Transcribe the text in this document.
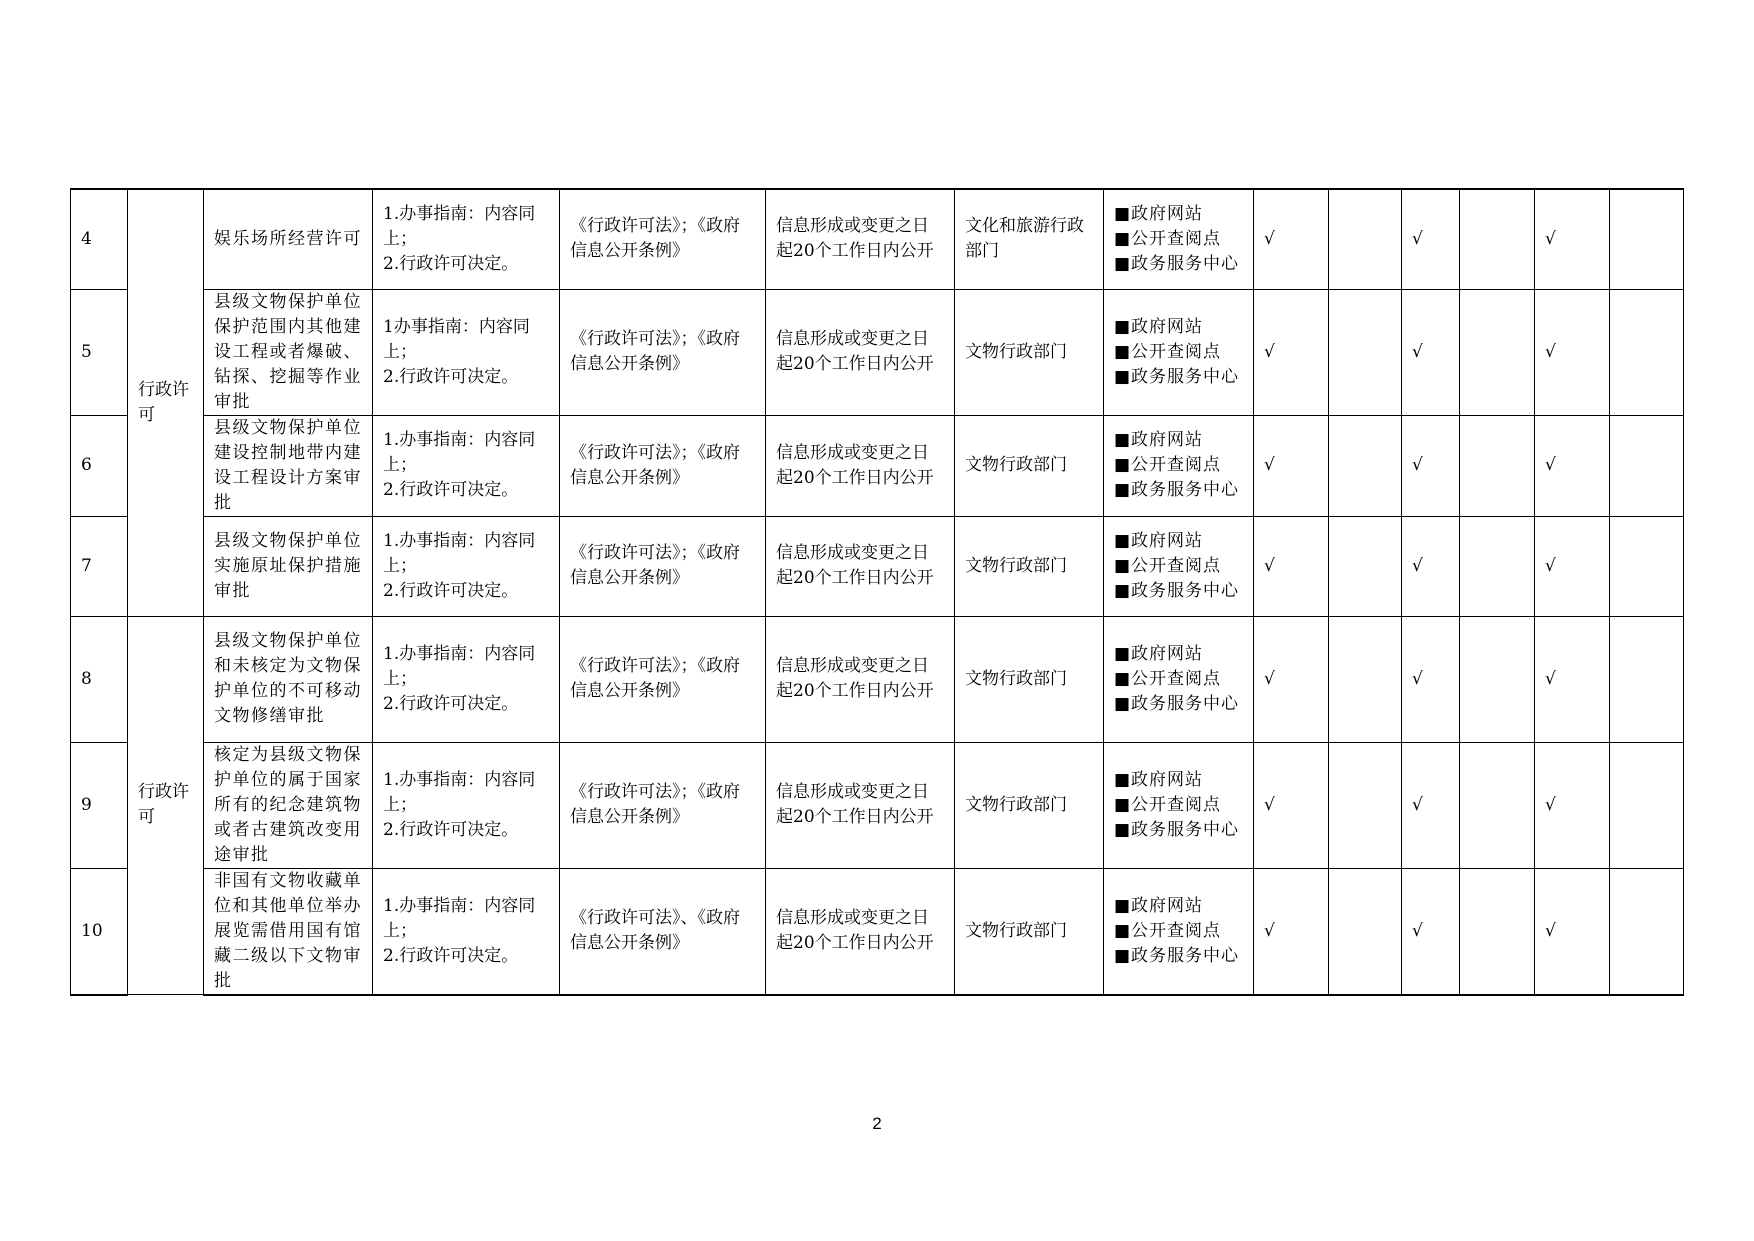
4	行政许可	娱乐场所经营许可	1.办事指南：内容同上；
2.行政许可决定。	《行政许可法》；《政府信息公开条例》	信息形成或变更之日起20个工作日内公开	文化和旅游行政部门	■政府网站
■公开查阅点
■政务服务中心	√		√		√	
5		县级文物保护单位保护范围内其他建设工程或者爆破、钻探、挖掘等作业审批	1办事指南：内容同上；
2.行政许可决定。	《行政许可法》；《政府信息公开条例》	信息形成或变更之日起20个工作日内公开	文物行政部门	■政府网站
■公开查阅点
■政务服务中心	√		√		√	
6		县级文物保护单位建设控制地带内建设工程设计方案审批	1.办事指南：内容同上；
2.行政许可决定。	《行政许可法》；《政府信息公开条例》	信息形成或变更之日起20个工作日内公开	文物行政部门	■政府网站
■公开查阅点
■政务服务中心	√		√		√	
7		县级文物保护单位实施原址保护措施审批	1.办事指南：内容同上；
2.行政许可决定。	《行政许可法》；《政府信息公开条例》	信息形成或变更之日起20个工作日内公开	文物行政部门	■政府网站
■公开查阅点
■政务服务中心	√		√		√	
8	行政许可	县级文物保护单位和未核定为文物保护单位的不可移动文物修缮审批	1.办事指南：内容同上；
2.行政许可决定。	《行政许可法》；《政府信息公开条例》	信息形成或变更之日起20个工作日内公开	文物行政部门	■政府网站
■公开查阅点
■政务服务中心	√		√		√	
9		核定为县级文物保护单位的属于国家所有的纪念建筑物或者古建筑改变用途审批	1.办事指南：内容同上；
2.行政许可决定。	《行政许可法》；《政府信息公开条例》	信息形成或变更之日起20个工作日内公开	文物行政部门	■政府网站
■公开查阅点
■政务服务中心	√		√		√	
10		非国有文物收藏单位和其他单位举办展览需借用国有馆藏二级以下文物审批	1.办事指南：内容同上；
2.行政许可决定。	《行政许可法》、《政府信息公开条例》	信息形成或变更之日起20个工作日内公开	文物行政部门	■政府网站
■公开查阅点
■政务服务中心	√		√		√	
2
